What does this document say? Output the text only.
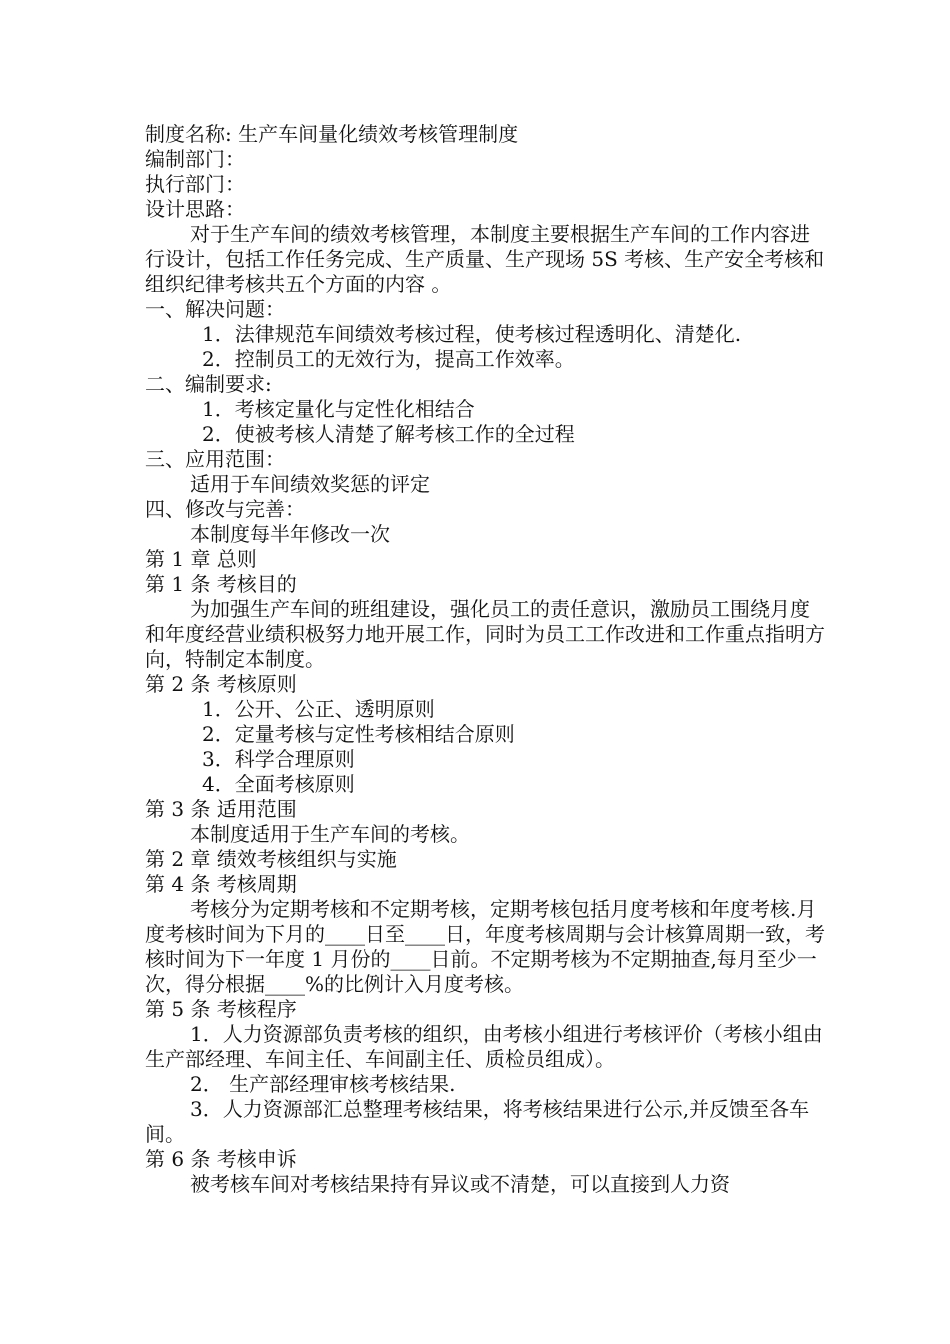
制度名称: 生产车间量化绩效考核管理制度
编制部门：
执行部门：
设计思路：
对于生产车间的绩效考核管理，本制度主要根据生产车间的工作内容进行设计，包括工作任务完成、生产质量、生产现场 5S 考核、生产安全考核和组织纪律考核共五个方面的内容 。
一、解决问题：
1．法律规范车间绩效考核过程，使考核过程透明化、清楚化.
2．控制员工的无效行为，提高工作效率。
二、编制要求:
1．考核定量化与定性化相结合
2．使被考核人清楚了解考核工作的全过程
三、应用范围：
适用于车间绩效奖惩的评定
四、修改与完善：
本制度每半年修改一次
第 1 章 总则
第 1 条 考核目的
为加强生产车间的班组建设，强化员工的责任意识，激励员工围绕月度和年度经营业绩积极努力地开展工作，同时为员工工作改进和工作重点指明方向，特制定本制度。
第 2 条 考核原则
1．公开、公正、透明原则
2．定量考核与定性考核相结合原则
3．科学合理原则
4．全面考核原则
第 3 条 适用范围
本制度适用于生产车间的考核。
第 2 章 绩效考核组织与实施
第 4 条 考核周期
考核分为定期考核和不定期考核，定期考核包括月度考核和年度考核.月度考核时间为下月的____日至____日，年度考核周期与会计核算周期一致，考核时间为下一年度 1 月份的____日前。不定期考核为不定期抽查,每月至少一次，得分根据____%的比例计入月度考核。
第 5 条 考核程序
1．人力资源部负责考核的组织，由考核小组进行考核评价（考核小组由生产部经理、车间主任、车间副主任、质检员组成）。
2． 生产部经理审核考核结果.
3．人力资源部汇总整理考核结果，将考核结果进行公示,并反馈至各车间。
第 6 条 考核申诉
被考核车间对考核结果持有异议或不清楚，可以直接到人力资
